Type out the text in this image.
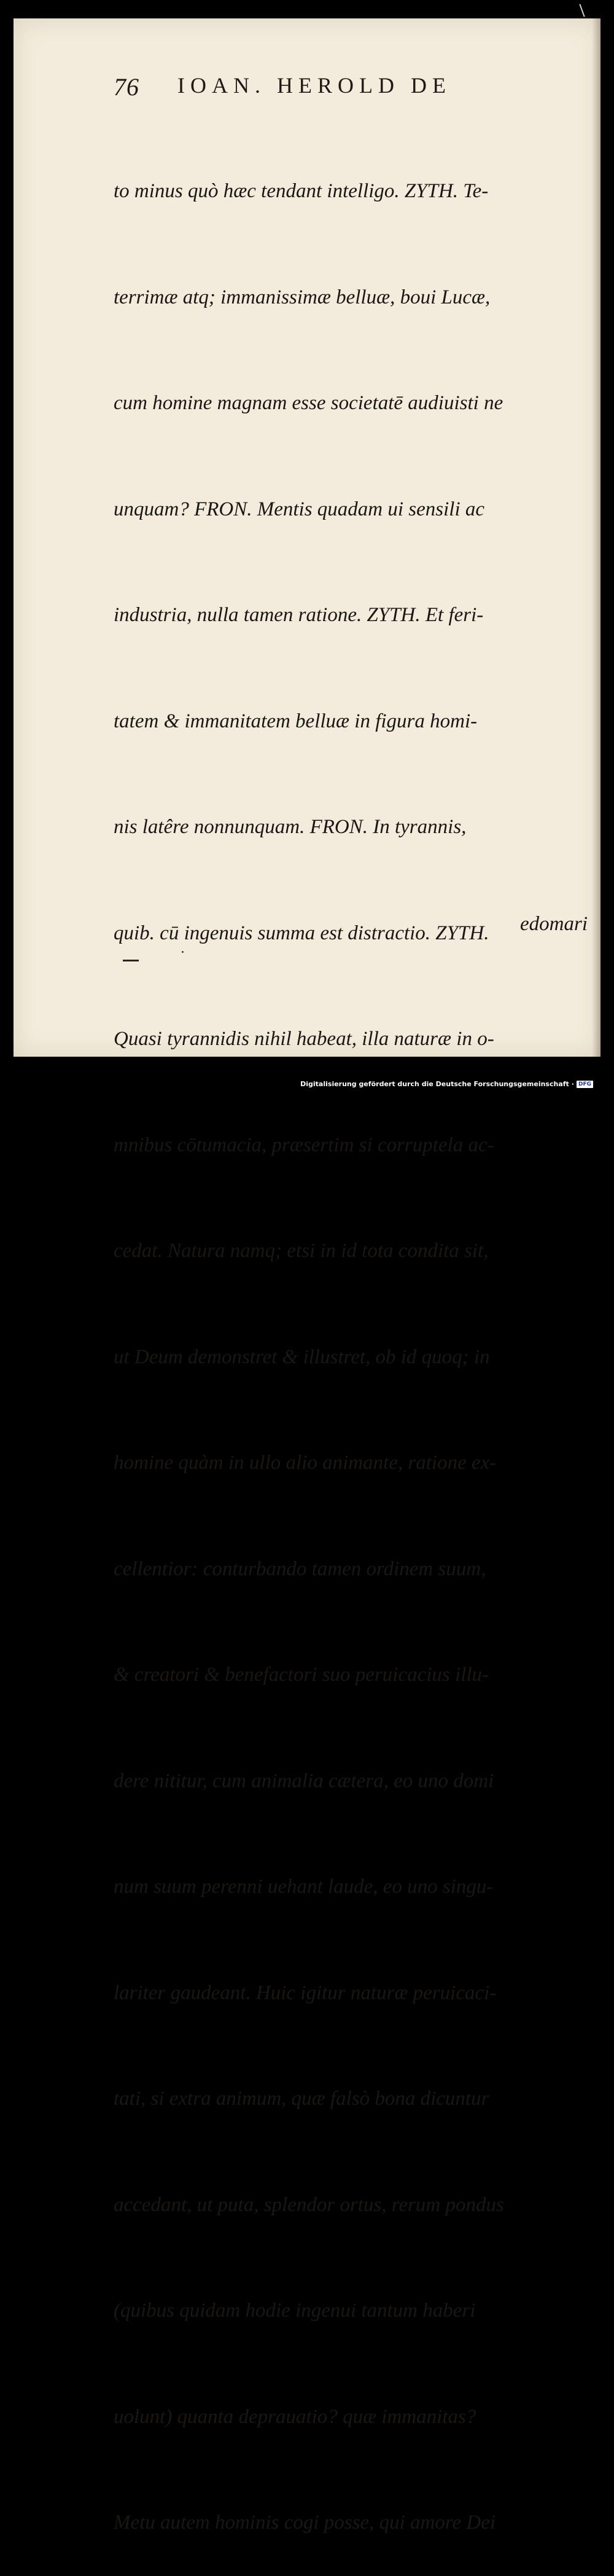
76 IOAN. HEROLD DE

to minus quò hæc tendant intelligo. ZYTH. Te-

terrimæ atq; immanissimæ belluæ, boui Lucæ,

cum homine magnam esse societatē audiuisti ne

unquam? FRON. Mentis quadam ui sensili ac

industria, nulla tamen ratione. ZYTH. Et feri-

tatem & immanitatem belluæ in figura homi-

nis latêre nonnunquam. FRON. In tyrannis,

quib. cū ingenuis summa est distractio. ZYTH.

Quasi tyrannidis nihil habeat, illa naturæ in o-

mnibus cōtumacia, præsertim si corruptela ac-

cedat. Natura namq; etsi in id tota condita sit,

ut Deum demonstret & illustret, ob id quoq; in

homine quàm in ullo alio animante, ratione ex-

cellentior: conturbando tamen ordinem suum,

& creatori & benefactori suo peruicacius illu-

dere nititur, cum animalia cætera, eo uno domi

num suum perenni uehant laude, eo uno singu-

lariter gaudeant. Huic igitur naturæ peruicaci-

tati, si extra animum, quæ falsò bona dicuntur

accedant, ut puta, splendor ortus, rerum pondus

(quibus quidam hodie ingenui tantum haberi

uolunt) quanta deprauatio? quæ immanitas?

Metu autem hominis cogi posse, qui amore Dei

edomari
Digitalisierung gefördert durch die Deutsche Forschungsgemeinschaft · DFG
